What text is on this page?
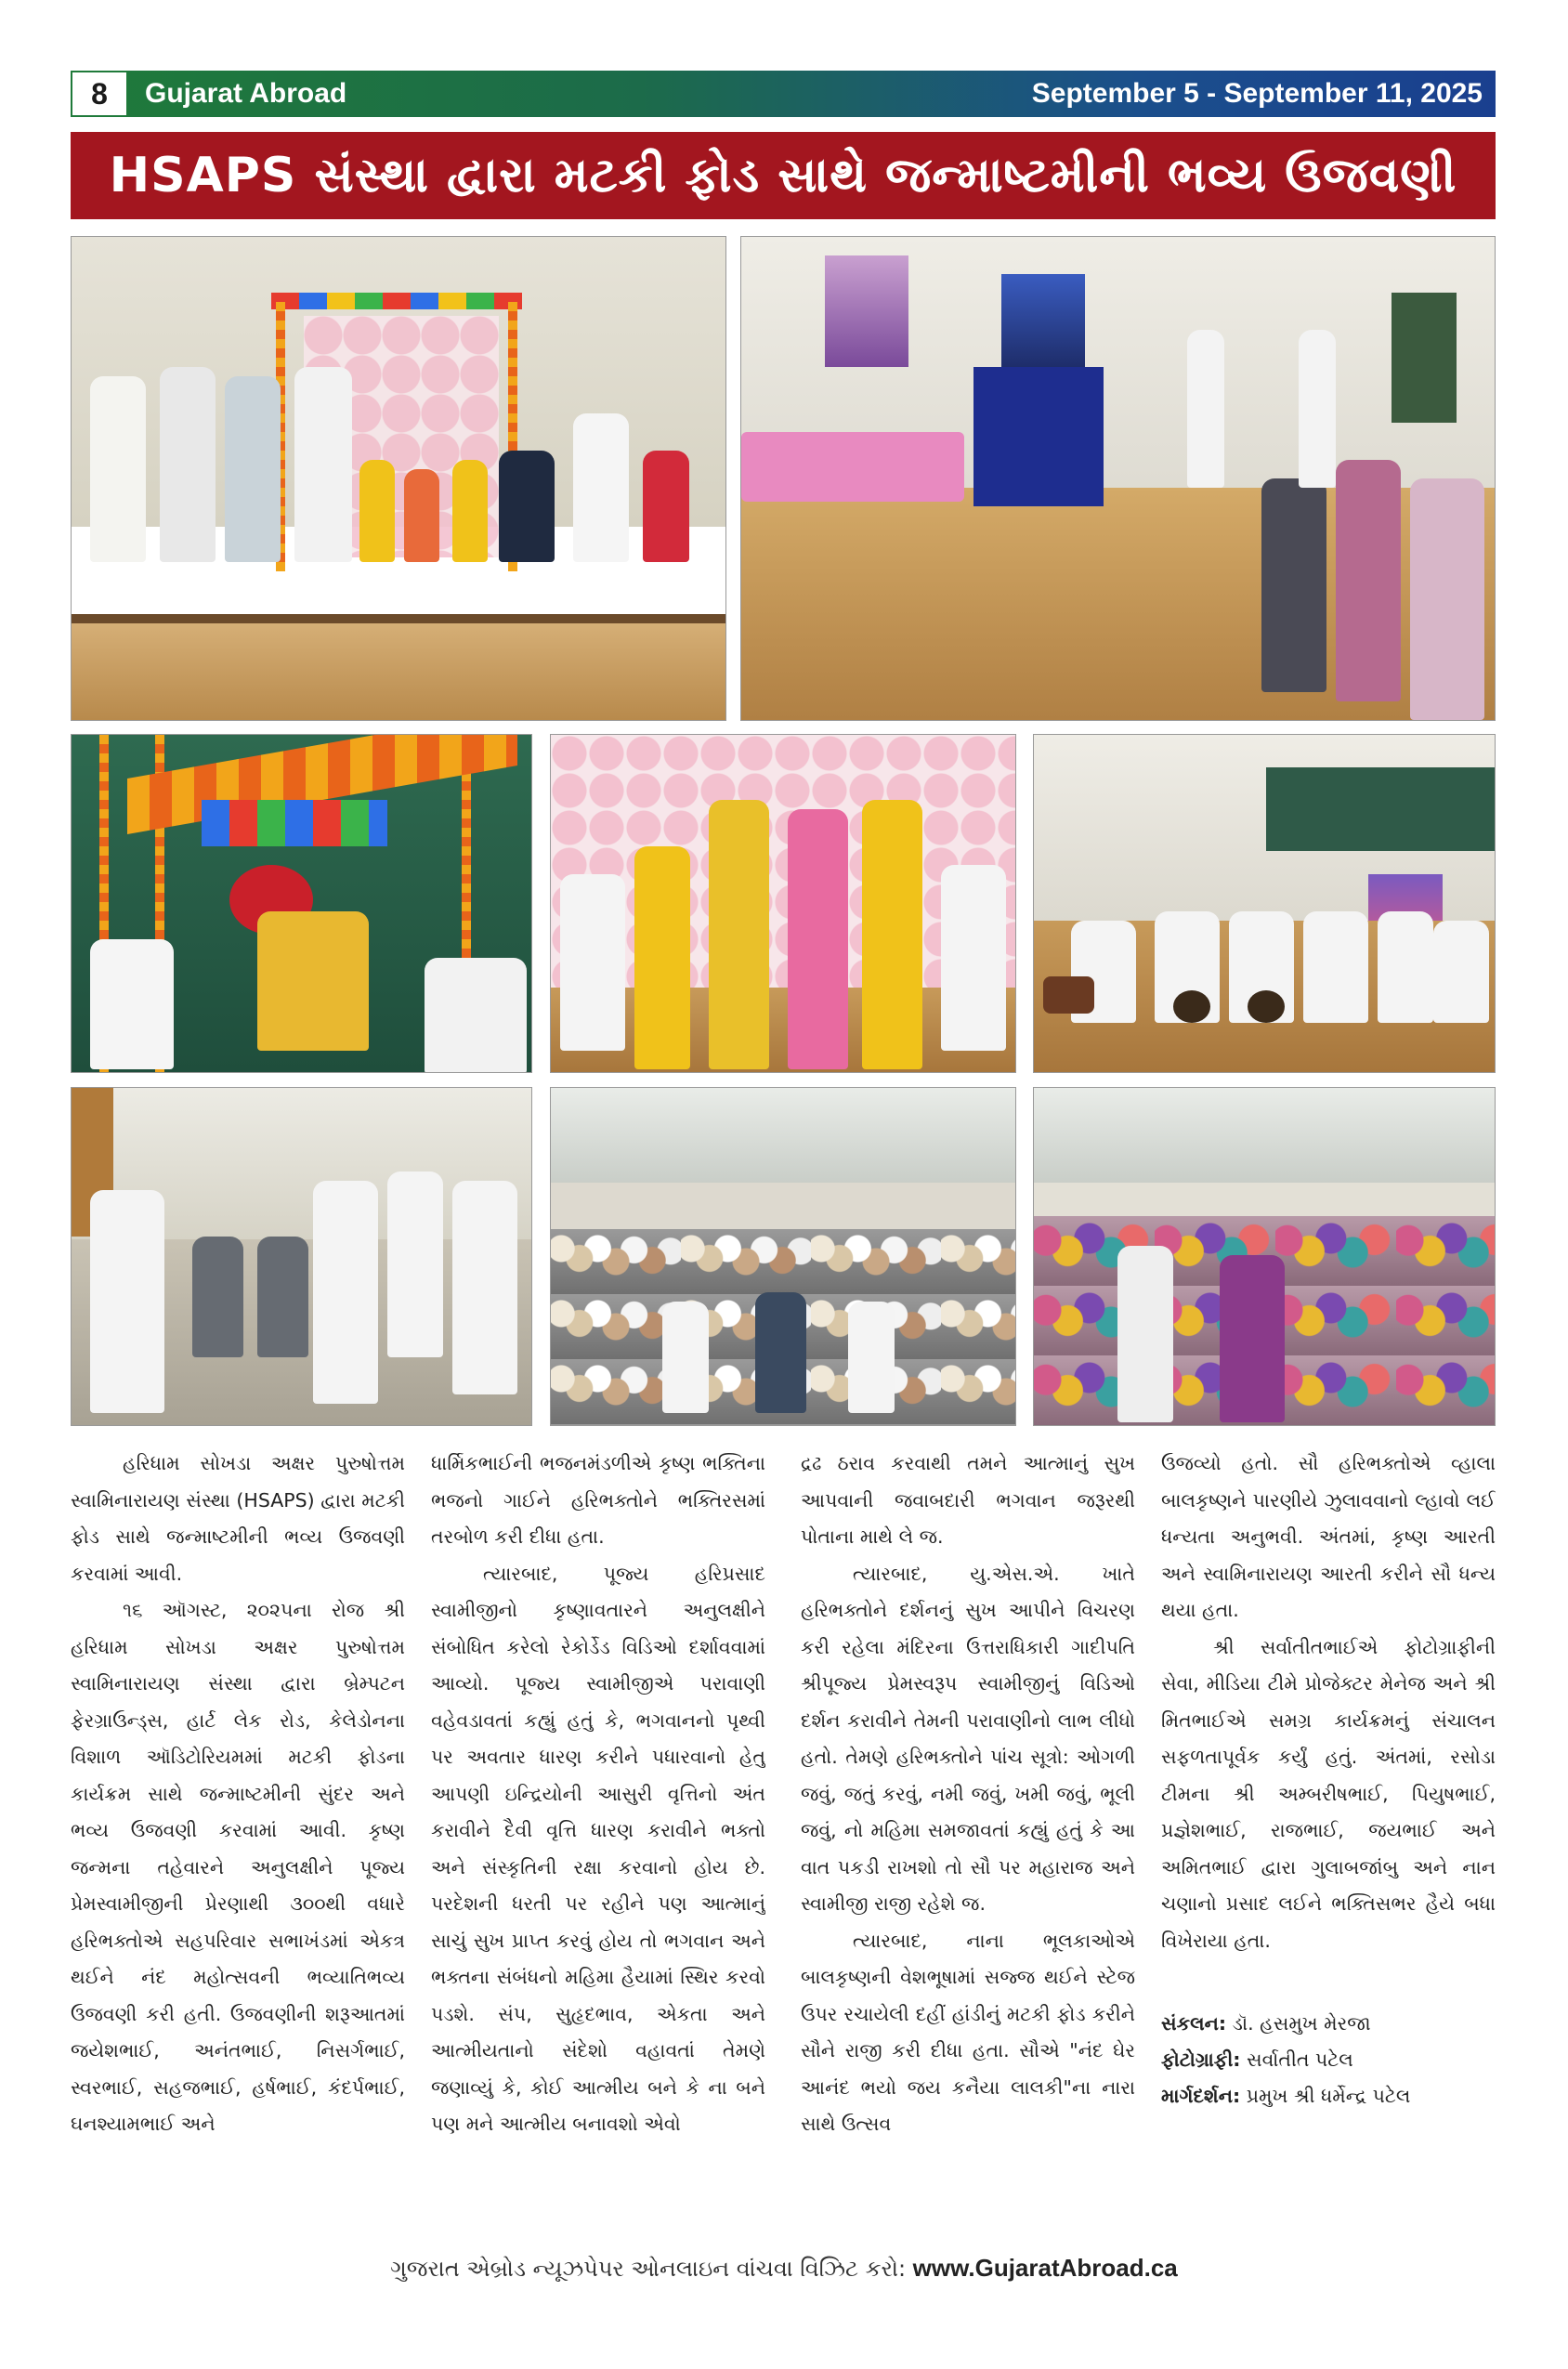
8	Gujarat Abroad	September 5 - September 11, 2025
HSAPS સંસ્થા દ્વારા મટકી ફોડ સાથે જન્માષ્ટમીની ભવ્ય ઉજવણી

હરિધામ સોખડા અક્ષર પુરુષોત્તમ સ્વામિનારાયણ સંસ્થા (HSAPS) દ્વારા મટકી ફોડ સાથે જન્માષ્ટમીની ભવ્ય ઉજવણી કરવામાં આવી.

૧૬ ઑગસ્ટ, ૨૦૨૫ના રોજ શ્રી હરિધામ સોખડા અક્ષર પુરુષોત્તમ સ્વામિનારાયણ સંસ્થા દ્વારા બ્રેમ્પટન ફેરગ્રાઉન્ડ્સ, હાર્ટ લેક રોડ, કેલેડોનના વિશાળ ઑડિટોરિયમમાં મટકી ફોડના કાર્યક્રમ સાથે જન્માષ્ટમીની સુંદર અને ભવ્ય ઉજવણી કરવામાં આવી. કૃષ્ણ જન્મના તહેવારને અનુલક્ષીને પૂજ્ય પ્રેમસ્વામીજીની પ્રેરણાથી ૩૦૦થી વધારે હરિભક્તોએ સહપરિવાર સભાખંડમાં એકત્ર થઈને નંદ મહોત્સવની ભવ્યાતિભવ્ય ઉજવણી કરી હતી. ઉજવણીની શરૂઆતમાં જયેશભાઈ, અનંતભાઈ, નિસર્ગભાઈ, સ્વરભાઈ, સહજભાઈ, હર્ષભાઈ, કંદર્પભાઈ, ઘનશ્યામભાઈ અને

ધાર્મિકભાઈની ભજનમંડળીએ કૃષ્ણ ભક્તિના ભજનો ગાઈને હરિભક્તોને ભક્તિરસમાં તરબોળ કરી દીધા હતા.

ત્યારબાદ, પૂજ્ય હરિપ્રસાદ સ્વામીજીનો કૃષ્ણાવતારને અનુલક્ષીને સંબોધિત કરેલો રેકોર્ડેડ વિડિઓ દર્શાવવામાં આવ્યો. પૂજ્ય સ્વામીજીએ પરાવાણી વહેવડાવતાં કહ્યું હતું કે, ભગવાનનો પૃથ્વી પર અવતાર ધારણ કરીને પધારવાનો હેતુ આપણી ઇન્દ્રિયોની આસુરી વૃત્તિનો અંત કરાવીને દૈવી વૃત્તિ ધારણ કરાવીને ભક્તો અને સંસ્કૃતિની રક્ષા કરવાનો હોય છે. પરદેશની ધરતી પર રહીને પણ આત્માનું સાચું સુખ પ્રાપ્ત કરવું હોય તો ભગવાન અને ભક્તના સંબંધનો મહિમા હૈયામાં સ્થિર કરવો પડશે. સંપ, સુહૃદભાવ, એકતા અને આત્મીયતાનો સંદેશો વહાવતાં તેમણે જણાવ્યું કે, કોઈ આત્મીય બને કે ના બને પણ મને આત્મીય બનાવશો એવો

દ્રઢ ઠરાવ કરવાથી તમને આત્માનું સુખ આપવાની જવાબદારી ભગવાન જરૂરથી પોતાના માથે લે જ.

ત્યારબાદ, યુ.એસ.એ. ખાતે હરિભક્તોને દર્શનનું સુખ આપીને વિચરણ કરી રહેલા મંદિરના ઉત્તરાધિકારી ગાદીપતિ શ્રીપૂજ્ય પ્રેમસ્વરૂપ સ્વામીજીનું વિડિઓ દર્શન કરાવીને તેમની પરાવાણીનો લાભ લીધો હતો. તેમણે હરિભક્તોને પાંચ સૂત્રો: ઓગળી જવું, જતું કરવું, નમી જવું, ખમી જવું, ભૂલી જવું, નો મહિમા સમજાવતાં કહ્યું હતું કે આ વાત પકડી રાખશો તો સૌ પર મહારાજ અને સ્વામીજી રાજી રહેશે જ.

ત્યારબાદ, નાના ભૂલકાઓએ બાલકૃષ્ણની વેશભૂષામાં સજ્જ થઈને સ્ટેજ ઉપર રચાયેલી દહીં હાંડીનું મટકી ફોડ કરીને સૌને રાજી કરી દીધા હતા. સૌએ "નંદ ઘેર આનંદ ભયો જય કનૈયા લાલકી"ના નારા સાથે ઉત્સવ

ઉજવ્યો હતો. સૌ હરિભક્તોએ વ્હાલા બાલકૃષ્ણને પારણીયે ઝુલાવવાનો લ્હાવો લઈ ધન્યતા અનુભવી. અંતમાં, કૃષ્ણ આરતી અને સ્વામિનારાયણ આરતી કરીને સૌ ધન્ય થયા હતા.

શ્રી સર્વાતીતભાઈએ ફોટોગ્રાફીની સેવા, મીડિયા ટીમે પ્રોજેક્ટર મેનેજ અને શ્રી મિતભાઈએ સમગ્ર કાર્યક્રમનું સંચાલન સફળતાપૂર્વક કર્યું હતું. અંતમાં, રસોડા ટીમના શ્રી અમ્બરીષભાઈ, પિયુષભાઈ, પ્રજ્ઞેશભાઈ, રાજભાઈ, જયભાઈ અને અમિતભાઈ દ્વારા ગુલાબજાંબુ અને નાન ચણાનો પ્રસાદ લઈને ભક્તિસભર હૈયે બધા વિખેરાયા હતા.

સંકલન: ડૉ. હસમુખ મેરજા
ફોટોગ્રાફી: સર્વાતીત પટેલ
માર્ગદર્શન: પ્રમુખ શ્રી ધર્મેન્દ્ર પટેલ
ગુજરાત એબ્રોડ ન્યૂઝપેપર ઓનલાઇન વાંચવા વિઝિટ કરો: www.GujaratAbroad.ca
